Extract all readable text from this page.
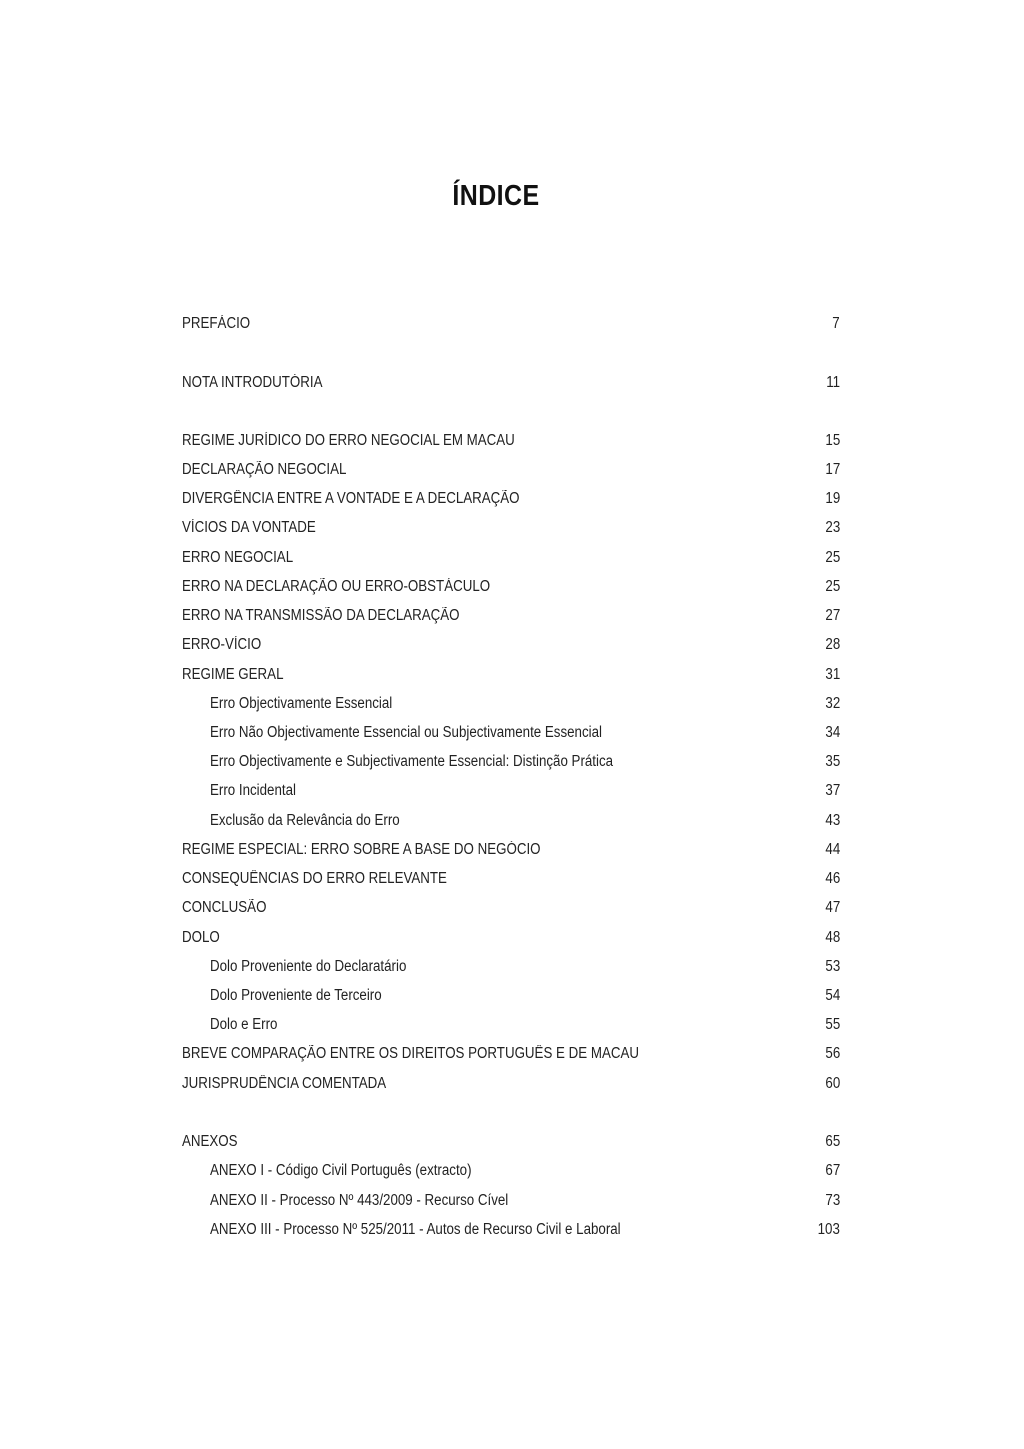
ÍNDICE
PREFÁCIO	7
NOTA INTRODUTÓRIA	11
REGIME JURÍDICO DO ERRO NEGOCIAL EM MACAU	15
DECLARAÇÃO NEGOCIAL	17
DIVERGÊNCIA ENTRE A VONTADE E A DECLARAÇÃO	19
VÍCIOS DA VONTADE	23
ERRO NEGOCIAL	25
ERRO NA DECLARAÇÃO OU ERRO-OBSTÁCULO	25
ERRO NA TRANSMISSÃO DA DECLARAÇÃO	27
ERRO-VÍCIO	28
REGIME GERAL	31
Erro Objectivamente Essencial	32
Erro Não Objectivamente Essencial ou Subjectivamente Essencial	34
Erro Objectivamente e Subjectivamente Essencial: Distinção Prática	35
Erro Incidental	37
Exclusão da Relevância do Erro	43
REGIME ESPECIAL: ERRO SOBRE A BASE DO NEGÓCIO	44
CONSEQUÊNCIAS DO ERRO RELEVANTE	46
CONCLUSÃO	47
DOLO	48
Dolo Proveniente do Declaratário	53
Dolo Proveniente de Terceiro	54
Dolo e Erro	55
BREVE COMPARAÇÃO ENTRE OS DIREITOS PORTUGUÊS E DE MACAU	56
JURISPRUDÊNCIA COMENTADA	60
ANEXOS	65
ANEXO I - Código Civil Português (extracto)	67
ANEXO II - Processo Nº 443/2009 - Recurso Cível	73
ANEXO III - Processo Nº 525/2011 - Autos de Recurso Civil e Laboral	103
